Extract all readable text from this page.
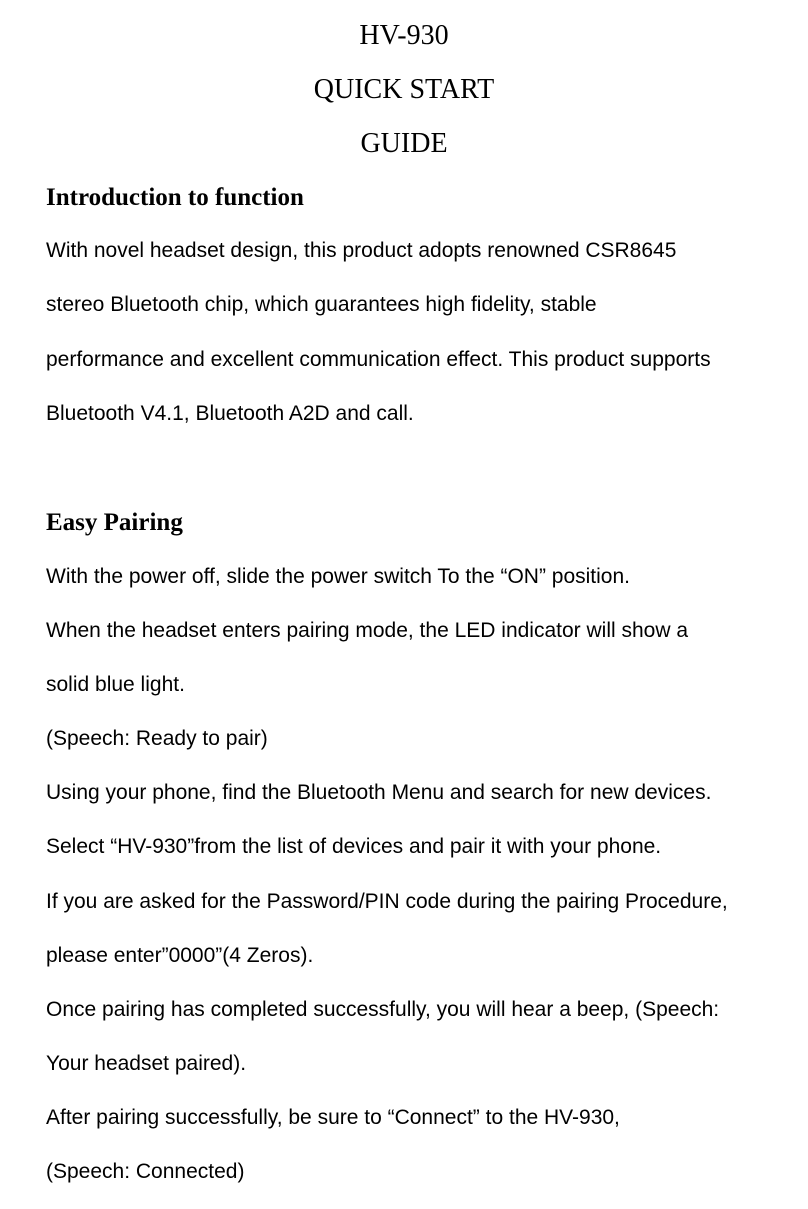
HV-930
QUICK START
GUIDE
Introduction to function
With novel headset design, this product adopts renowned CSR8645
stereo Bluetooth chip, which guarantees high fidelity, stable
performance and excellent communication effect. This product supports
Bluetooth V4.1, Bluetooth A2D and call.
Easy Pairing
With the power off, slide the power switch To the “ON” position.
When the headset enters pairing mode, the LED indicator will show a
solid blue light.
(Speech: Ready to pair)
Using your phone, find the Bluetooth Menu and search for new devices.
Select “HV-930”from the list of devices and pair it with your phone.
If you are asked for the Password/PIN code during the pairing Procedure,
please enter”0000”(4 Zeros).
Once pairing has completed successfully, you will hear a beep, (Speech:
Your headset paired).
After pairing successfully, be sure to “Connect” to the HV-930,
(Speech: Connected)
